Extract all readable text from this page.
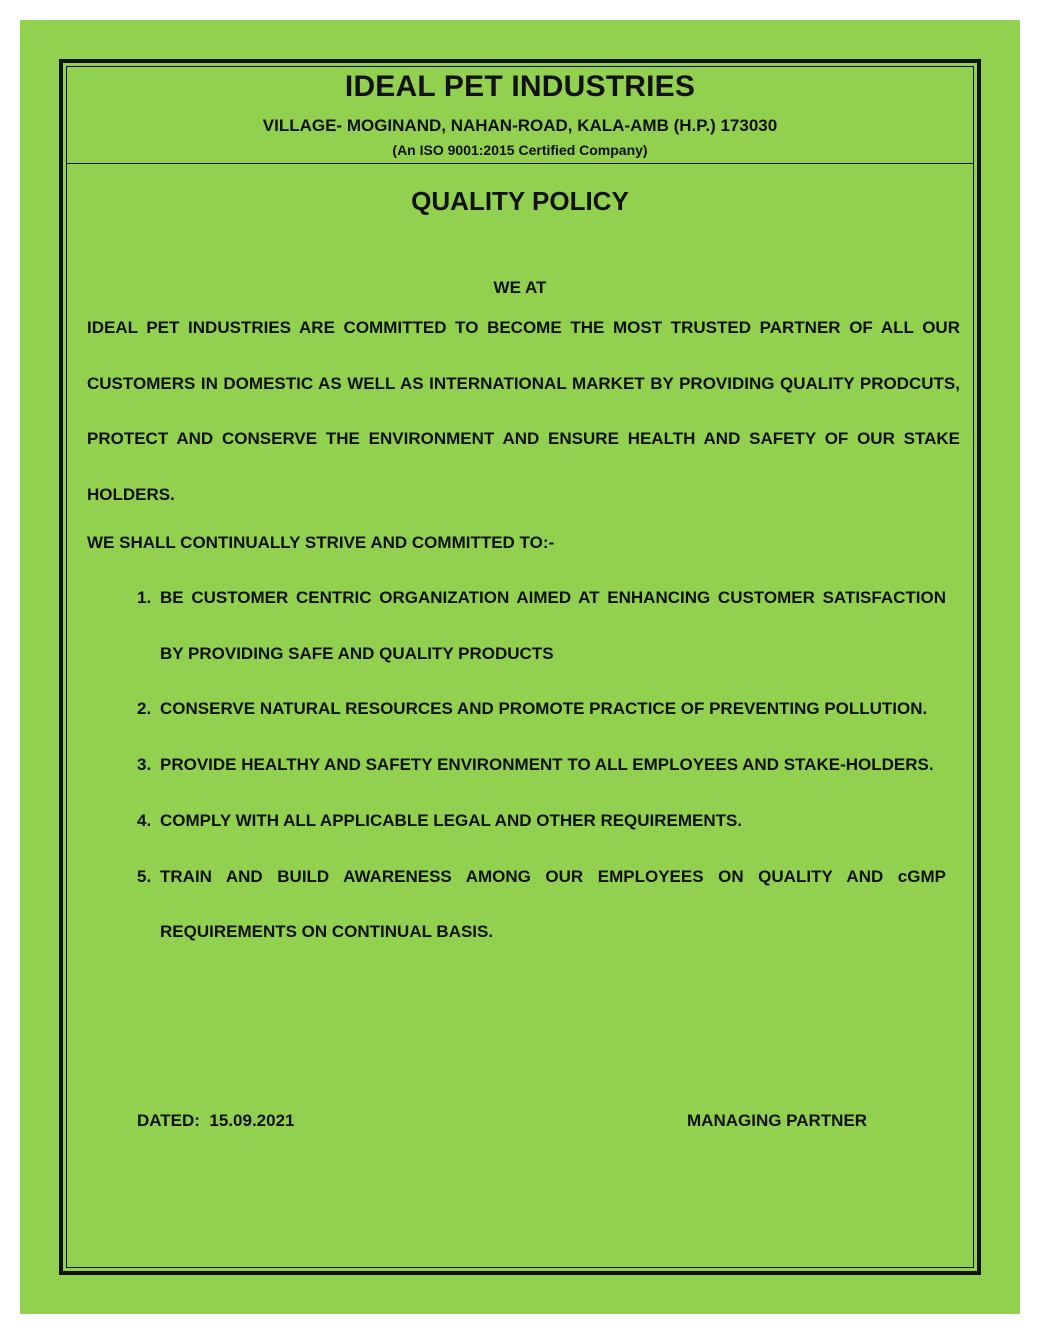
IDEAL PET INDUSTRIES
VILLAGE- MOGINAND, NAHAN-ROAD, KALA-AMB (H.P.) 173030
(An ISO 9001:2015 Certified Company)
QUALITY POLICY
WE AT

IDEAL PET INDUSTRIES ARE COMMITTED TO BECOME THE MOST TRUSTED PARTNER OF ALL OUR CUSTOMERS IN DOMESTIC AS WELL AS INTERNATIONAL MARKET BY PROVIDING QUALITY PRODCUTS, PROTECT AND CONSERVE THE ENVIRONMENT AND ENSURE HEALTH AND SAFETY OF OUR STAKE HOLDERS.

WE SHALL CONTINUALLY STRIVE AND COMMITTED TO:-

1. BE CUSTOMER CENTRIC ORGANIZATION AIMED AT ENHANCING CUSTOMER SATISFACTION BY PROVIDING SAFE AND QUALITY PRODUCTS
2. CONSERVE NATURAL RESOURCES AND PROMOTE PRACTICE OF PREVENTING POLLUTION.
3. PROVIDE HEALTHY AND SAFETY ENVIRONMENT TO ALL EMPLOYEES AND STAKE-HOLDERS.
4. COMPLY WITH ALL APPLICABLE LEGAL AND OTHER REQUIREMENTS.
5. TRAIN AND BUILD AWARENESS AMONG OUR EMPLOYEES ON QUALITY AND cGMP REQUIREMENTS ON CONTINUAL BASIS.
DATED:  15.09.2021	MANAGING PARTNER
